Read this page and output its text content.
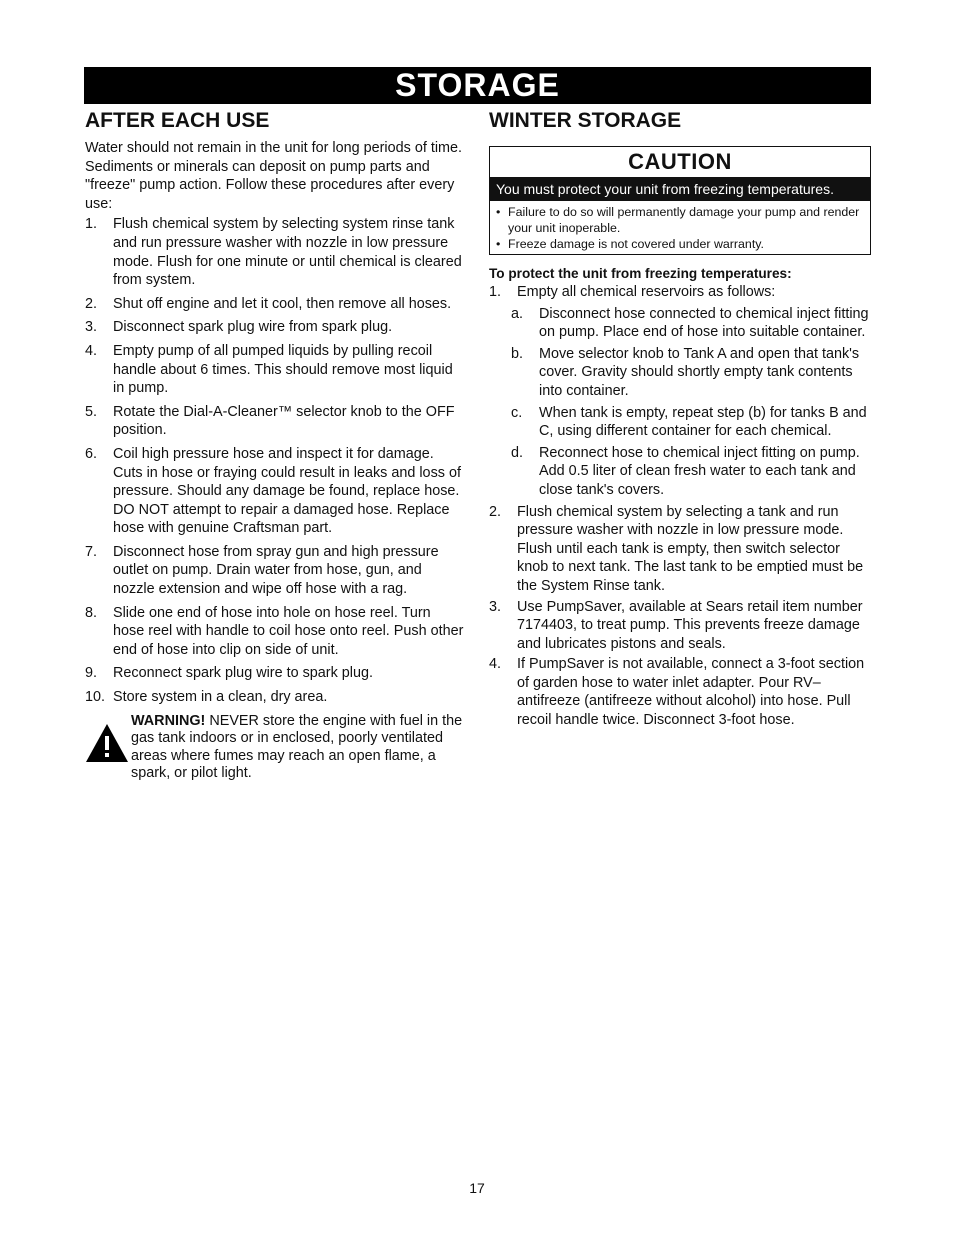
STORAGE
AFTER EACH USE

Water should not remain in the unit for long periods of time. Sediments or minerals can deposit on pump parts and "freeze" pump action. Follow these procedures after every use:

1.	Flush chemical system by selecting system rinse tank and run pressure washer with nozzle in low pressure mode. Flush for one minute or until chemical is cleared from system.
2.	Shut off engine and let it cool, then remove all hoses.
3.	Disconnect spark plug wire from spark plug.
4.	Empty pump of all pumped liquids by pulling recoil handle about 6 times. This should remove most liquid in pump.
5.	Rotate the Dial-A-Cleaner™ selector knob to the OFF position.
6.	Coil high pressure hose and inspect it for damage. Cuts in hose or fraying could result in leaks and loss of pressure. Should any damage be found, replace hose. DO NOT attempt to repair a damaged hose. Replace hose with genuine Craftsman part.
7.	Disconnect hose from spray gun and high pressure outlet on pump. Drain water from hose, gun, and nozzle extension and wipe off hose with a rag.
8.	Slide one end of hose into hole on hose reel. Turn hose reel with handle to coil hose onto reel. Push other end of hose into clip on side of unit.
9.	Reconnect spark plug wire to spark plug.
10. Store system in a clean, dry area.
WARNING! NEVER store the engine with fuel in the gas tank indoors or in enclosed, poorly ventilated areas where fumes may reach an open flame, a spark, or pilot light.
WINTER STORAGE
CAUTION
You must protect your unit from freezing temperatures.
• Failure to do so will permanently damage your pump and render your unit inoperable.
• Freeze damage is not covered under warranty.

To protect the unit from freezing temperatures:

1.	Empty all chemical reservoirs as follows:
a.	Disconnect hose connected to chemical inject fitting on pump. Place end of hose into suitable container.
b.	Move selector knob to Tank A and open that tank's cover. Gravity should shortly empty tank contents into container.
c.	When tank is empty, repeat step (b) for tanks B and C, using different container for each chemical.
d.	Reconnect hose to chemical inject fitting on pump. Add 0.5 liter of clean fresh water to each tank and close tank's covers.
2.	Flush chemical system by selecting a tank and run pressure washer with nozzle in low pressure mode. Flush until each tank is empty, then switch selector knob to next tank. The last tank to be emptied must be the System Rinse tank.
3.	Use PumpSaver, available at Sears retail item number 7174403, to treat pump. This prevents freeze damage and lubricates pistons and seals.
4.	If PumpSaver is not available, connect a 3-foot section of garden hose to water inlet adapter. Pour RV–antifreeze (antifreeze without alcohol) into hose. Pull recoil handle twice. Disconnect 3-foot hose.
17
